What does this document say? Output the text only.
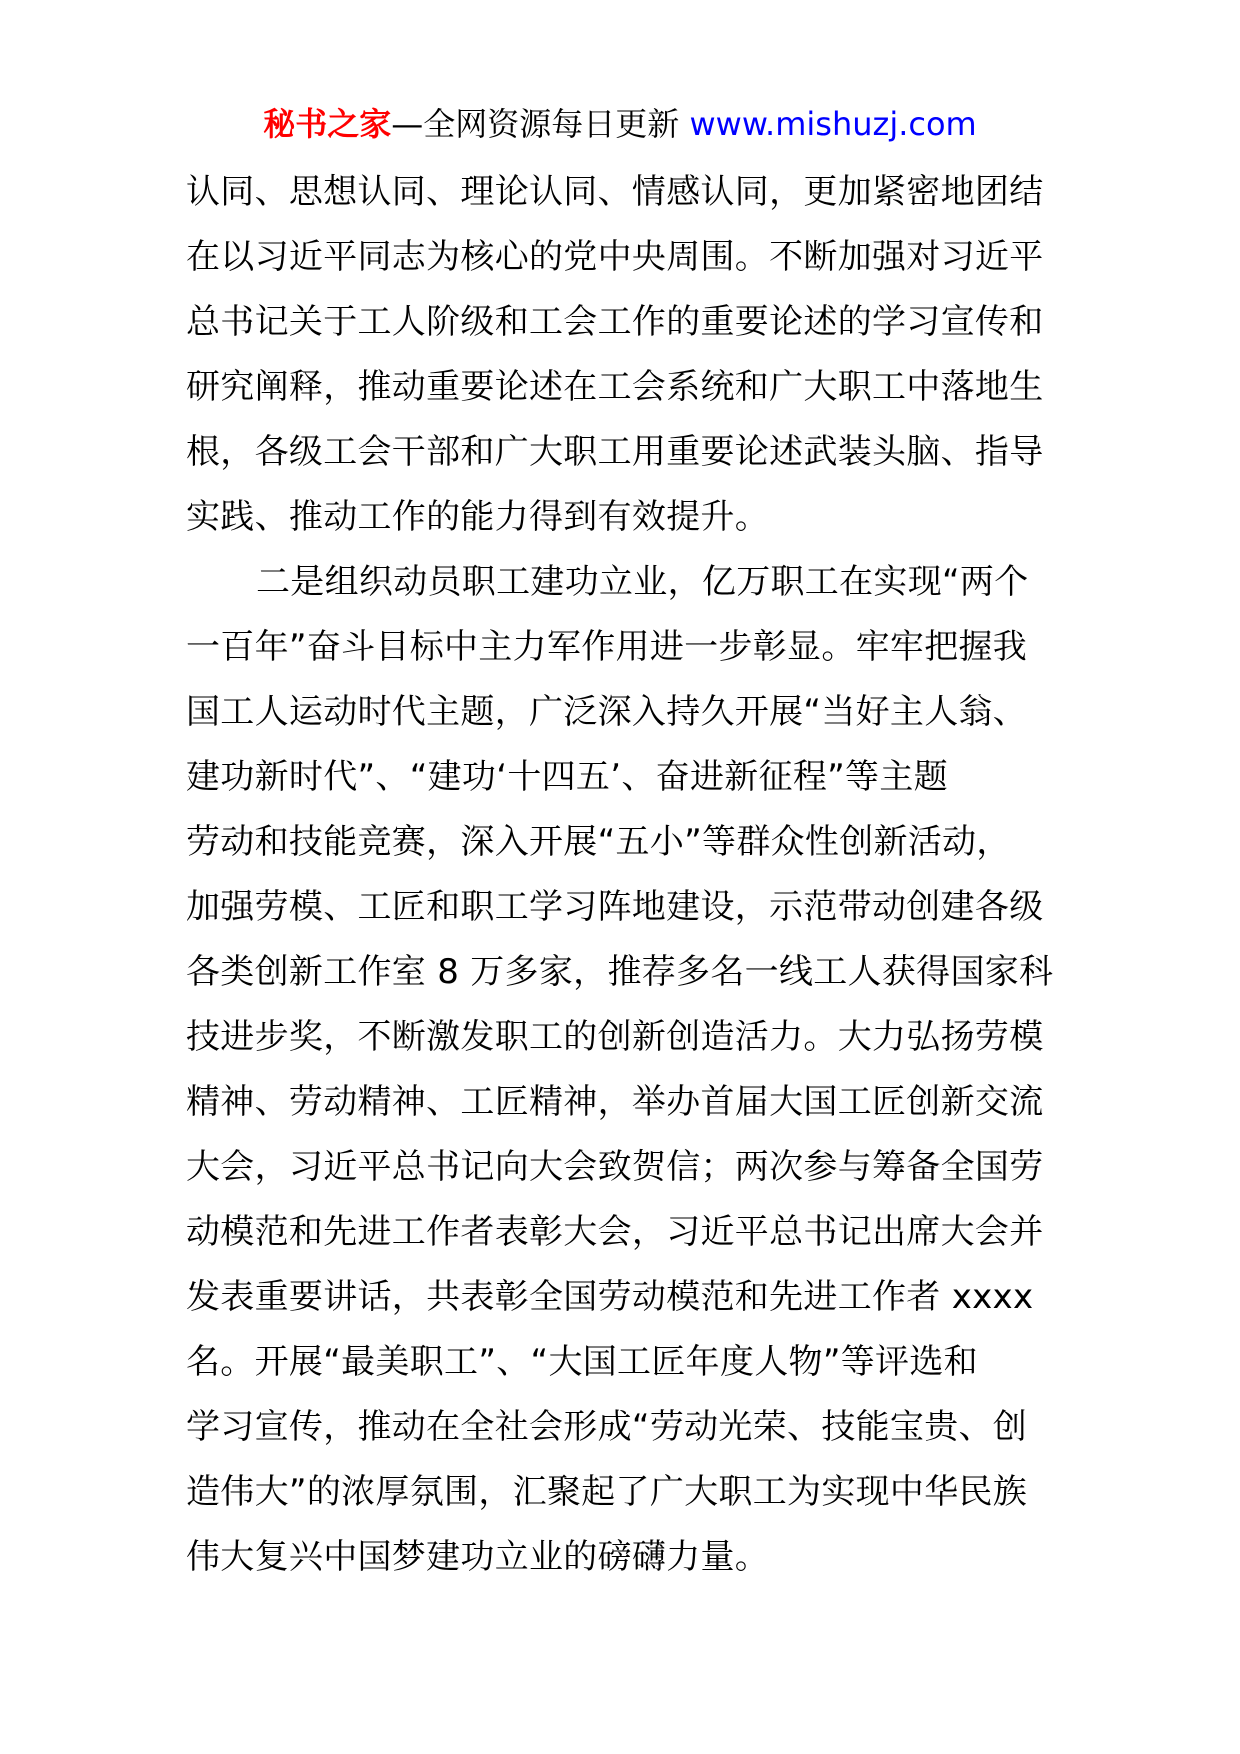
秘书之家—全网资源每日更新 www.mishuzj.com
认同、思想认同、理论认同、情感认同，更加紧密地团结
在以习近平同志为核心的党中央周围。不断加强对习近平
总书记关于工人阶级和工会工作的重要论述的学习宣传和
研究阐释，推动重要论述在工会系统和广大职工中落地生
根，各级工会干部和广大职工用重要论述武装头脑、指导
实践、推动工作的能力得到有效提升。
二是组织动员职工建功立业，亿万职工在实现“两个
一百年”奋斗目标中主力军作用进一步彰显。牢牢把握我
国工人运动时代主题，广泛深入持久开展“当好主人翁、
建功新时代”、“建功‘十四五’、奋进新征程”等主题
劳动和技能竞赛，深入开展“五小”等群众性创新活动，
加强劳模、工匠和职工学习阵地建设，示范带动创建各级
各类创新工作室 8 万多家，推荐多名一线工人获得国家科
技进步奖，不断激发职工的创新创造活力。大力弘扬劳模
精神、劳动精神、工匠精神，举办首届大国工匠创新交流
大会，习近平总书记向大会致贺信；两次参与筹备全国劳
动模范和先进工作者表彰大会，习近平总书记出席大会并
发表重要讲话，共表彰全国劳动模范和先进工作者 xxxx
名。开展“最美职工”、“大国工匠年度人物”等评选和
学习宣传，推动在全社会形成“劳动光荣、技能宝贵、创
造伟大”的浓厚氛围，汇聚起了广大职工为实现中华民族
伟大复兴中国梦建功立业的磅礴力量。
